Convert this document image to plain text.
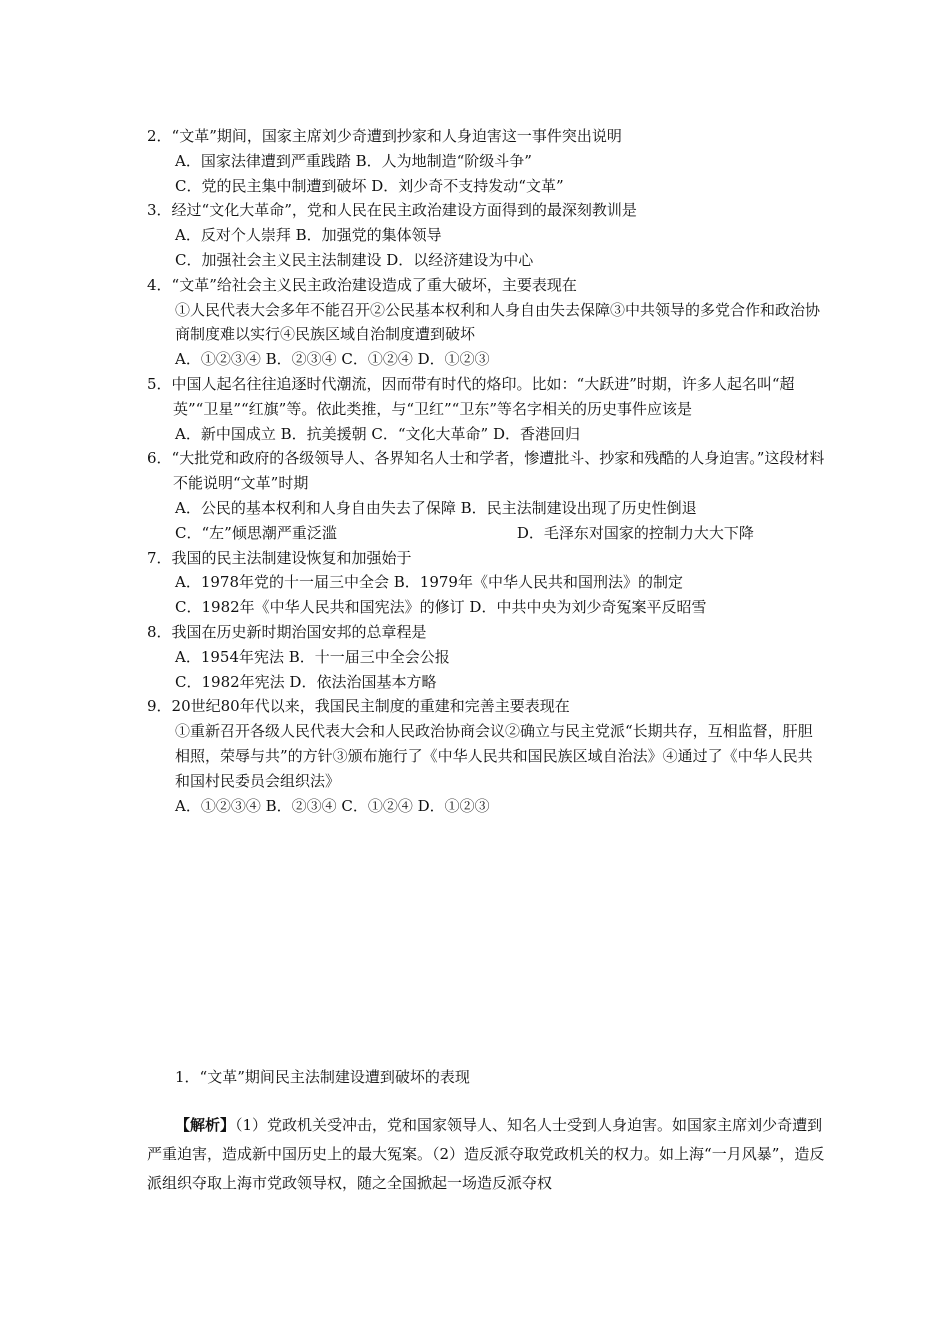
2．“文革”期间，国家主席刘少奇遭到抄家和人身迫害这一事件突出说明
A．国家法律遭到严重践踏 B．人为地制造“阶级斗争”
C．党的民主集中制遭到破坏 D．刘少奇不支持发动“文革”
3．经过“文化大革命”，党和人民在民主政治建设方面得到的最深刻教训是
A．反对个人崇拜 B．加强党的集体领导
C．加强社会主义民主法制建设 D．以经济建设为中心
4．“文革”给社会主义民主政治建设造成了重大破坏，主要表现在
①人民代表大会多年不能召开②公民基本权利和人身自由失去保障③中共领导的多党合作和政治协商制度难以实行④民族区域自治制度遭到破坏
A．①②③④ B．②③④ C．①②④ D．①②③
5．中国人起名往往追逐时代潮流，因而带有时代的烙印。比如：“大跃进”时期，许多人起名叫“超英”“卫星”“红旗”等。依此类推，与“卫红”“卫东”等名字相关的历史事件应该是
A．新中国成立 B．抗美援朝 C．“文化大革命” D．香港回归
6．“大批党和政府的各级领导人、各界知名人士和学者，惨遭批斗、抄家和残酷的人身迫害。”这段材料不能说明“文革”时期
A．公民的基本权利和人身自由失去了保障 B．民主法制建设出现了历史性倒退
C．“左”倾思潮严重泛滥	D．毛泽东对国家的控制力大大下降
7．我国的民主法制建设恢复和加强始于
A．1978年党的十一届三中全会 B．1979年《中华人民共和国刑法》的制定
C．1982年《中华人民共和国宪法》的修订 D．中共中央为刘少奇冤案平反昭雪
8．我国在历史新时期治国安邦的总章程是
A．1954年宪法 B．十一届三中全会公报
C．1982年宪法 D．依法治国基本方略
9．20世纪80年代以来，我国民主制度的重建和完善主要表现在
①重新召开各级人民代表大会和人民政治协商会议②确立与民主党派“长期共存，互相监督，肝胆相照，荣辱与共”的方针③颁布施行了《中华人民共和国民族区域自治法》④通过了《中华人民共和国村民委员会组织法》
A．①②③④ B．②③④ C．①②④ D．①②③
1．“文革”期间民主法制建设遭到破坏的表现
【解析】（1）党政机关受冲击，党和国家领导人、知名人士受到人身迫害。如国家主席刘少奇遭到严重迫害，造成新中国历史上的最大冤案。（2）造反派夺取党政机关的权力。如上海“一月风暴”，造反派组织夺取上海市党政领导权，随之全国掀起一场造反派夺权
